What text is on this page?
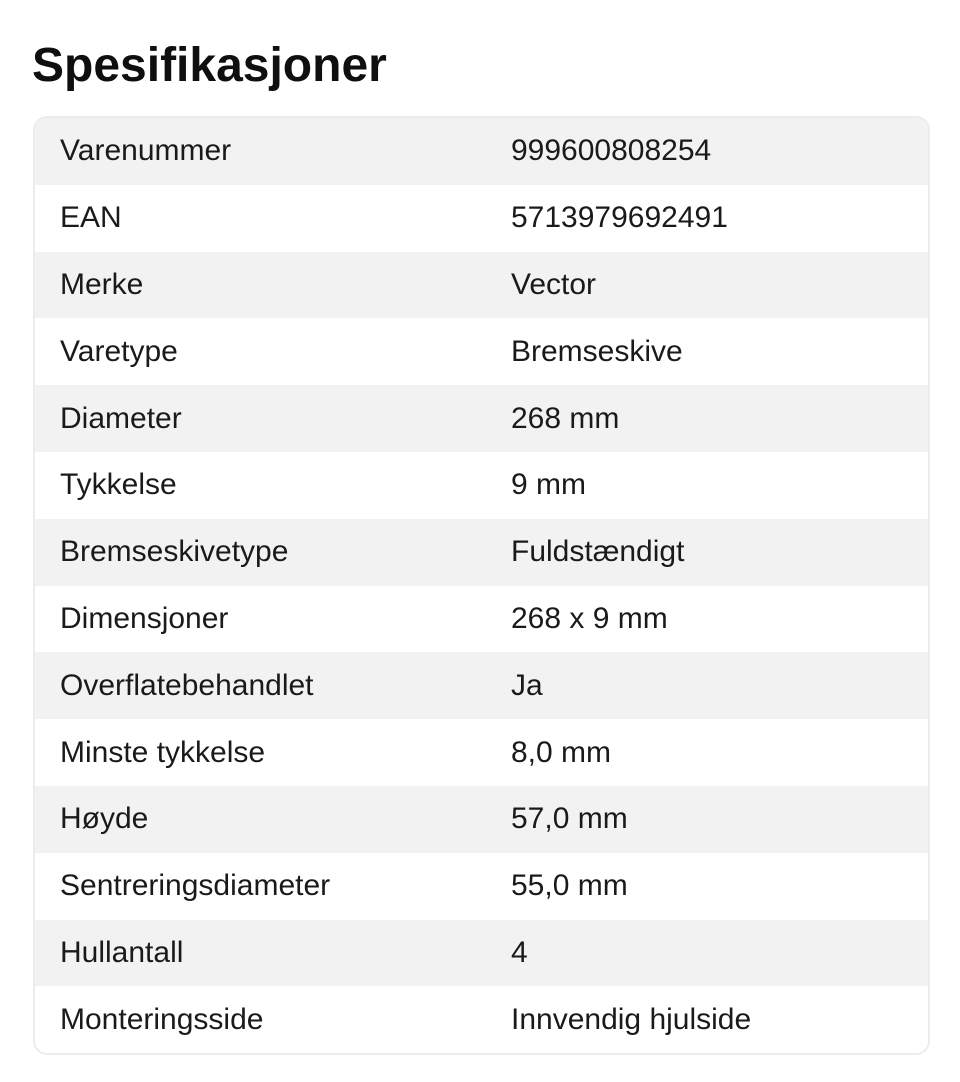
Spesifikasjoner
Varenummer	999600808254
EAN	5713979692491
Merke	Vector
Varetype	Bremseskive
Diameter	268 mm
Tykkelse	9 mm
Bremseskivetype	Fuldstændigt
Dimensjoner	268 x 9 mm
Overflatebehandlet	Ja
Minste tykkelse	8,0 mm
Høyde	57,0 mm
Sentreringsdiameter	55,0 mm
Hullantall	4
Monteringsside	Innvendig hjulside
